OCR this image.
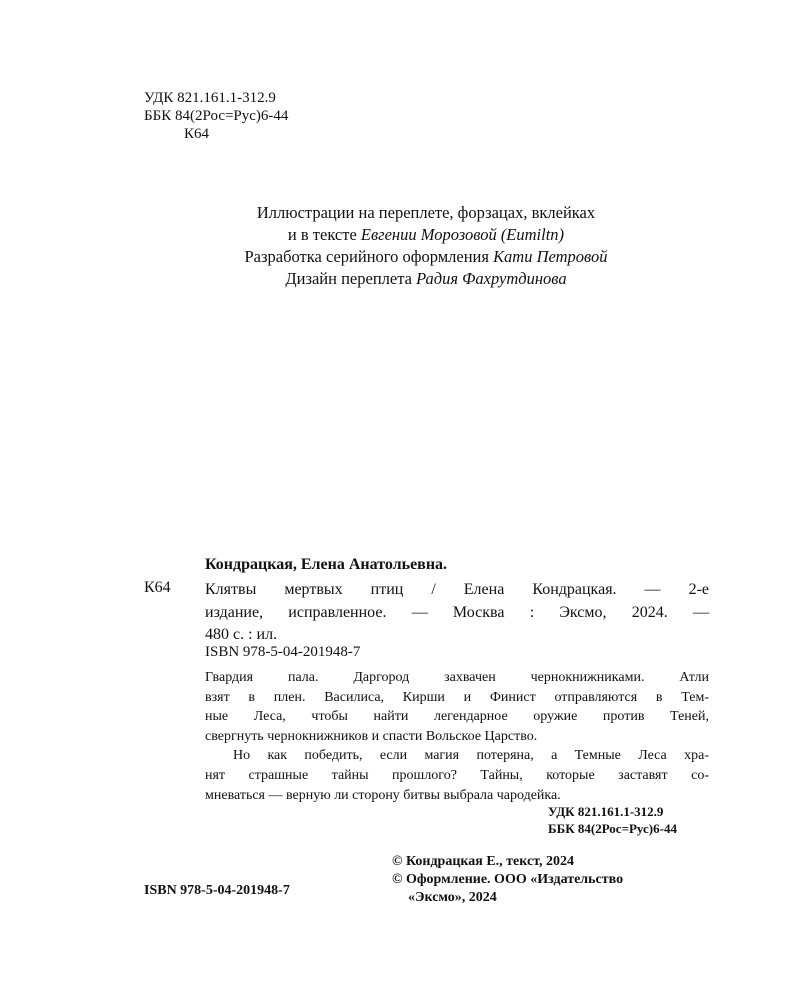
УДК 821.161.1-312.9
ББК 84(2Рос=Рус)6-44
К64
Иллюстрации на переплете, форзацах, вклейках
и в тексте Евгении Морозовой (Eumiltn)
Разработка серийного оформления Кати Петровой
Дизайн переплета Радия Фахрутдинова
Кондрацкая, Елена Анатольевна.
К64 Клятвы мертвых птиц / Елена Кондрацкая. — 2-е
издание, исправленное. — Москва : Эксмо, 2024. —
480 с. : ил.
ISBN 978-5-04-201948-7
Гвардия пала. Даргород захвачен чернокнижниками. Атли
взят в плен. Василиса, Кирши и Финист отправляются в Тем-
ные Леса, чтобы найти легендарное оружие против Теней,
свергнуть чернокнижников и спасти Вольское Царство.
Но как победить, если магия потеряна, а Темные Леса хра-
нят страшные тайны прошлого? Тайны, которые заставят со-
мневаться — верную ли сторону битвы выбрала чародейка.
УДК 821.161.1-312.9
ББК 84(2Рос=Рус)6-44
© Кондрацкая Е., текст, 2024
© Оформление. ООО «Издательство
«Эксмо», 2024
ISBN 978-5-04-201948-7
